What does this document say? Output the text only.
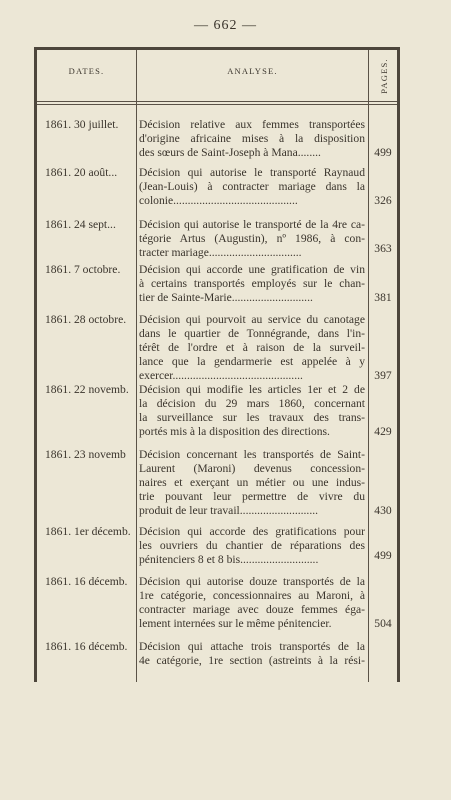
— 662 —
DATES.	ANALYSE.	PAGES.
1861. 30 juillet.	Décision relative aux femmes transportées
d'origine africaine mises à la disposition
des sœurs de Saint-Joseph à Mana........	499
1861. 20 août...	Décision qui autorise le transporté Raynaud
(Jean-Louis) à contracter mariage dans la
colonie...........................................	326
1861. 24 sept...	Décision qui autorise le transporté de la 4re ca-
tégorie Artus (Augustin), nº 1986, à con-
tracter mariage................................	363
1861. 7 octobre.	Décision qui accorde une gratification de vin
à certains transportés employés sur le chan-
tier de Sainte-Marie............................	381
1861. 28 octobre.	Décision qui pourvoit au service du canotage
dans le quartier de Tonnégrande, dans l'in-
térêt de l'ordre et à raison de la surveil-
lance que la gendarmerie est appelée à y
exercer.............................................	397
1861. 22 novemb. Décision qui modifie les articles 1er et 2 de
la décision du 29 mars 1860, concernant
la surveillance sur les travaux des trans-
portés mis à la disposition des directions.	429
1861. 23 novemb	Décision concernant les transportés de Saint-
Laurent (Maroni) devenus concession-
naires et exerçant un métier ou une indus-
trie pouvant leur permettre de vivre du
produit de leur travail...........................	430
1861. 1er décemb. Décision qui accorde des gratifications pour
les ouvriers du chantier de réparations des
pénitenciers 8 et 8 bis...........................	499
1861. 16 décemb. Décision qui autorise douze transportés de la
1re catégorie, concessionnaires au Maroni, à
contracter mariage avec douze femmes éga-
lement internées sur le même pénitencier.	504
1861. 16 décemb. Décision qui attache trois transportés de la
4e catégorie, 1re section (astreints à la rési-
